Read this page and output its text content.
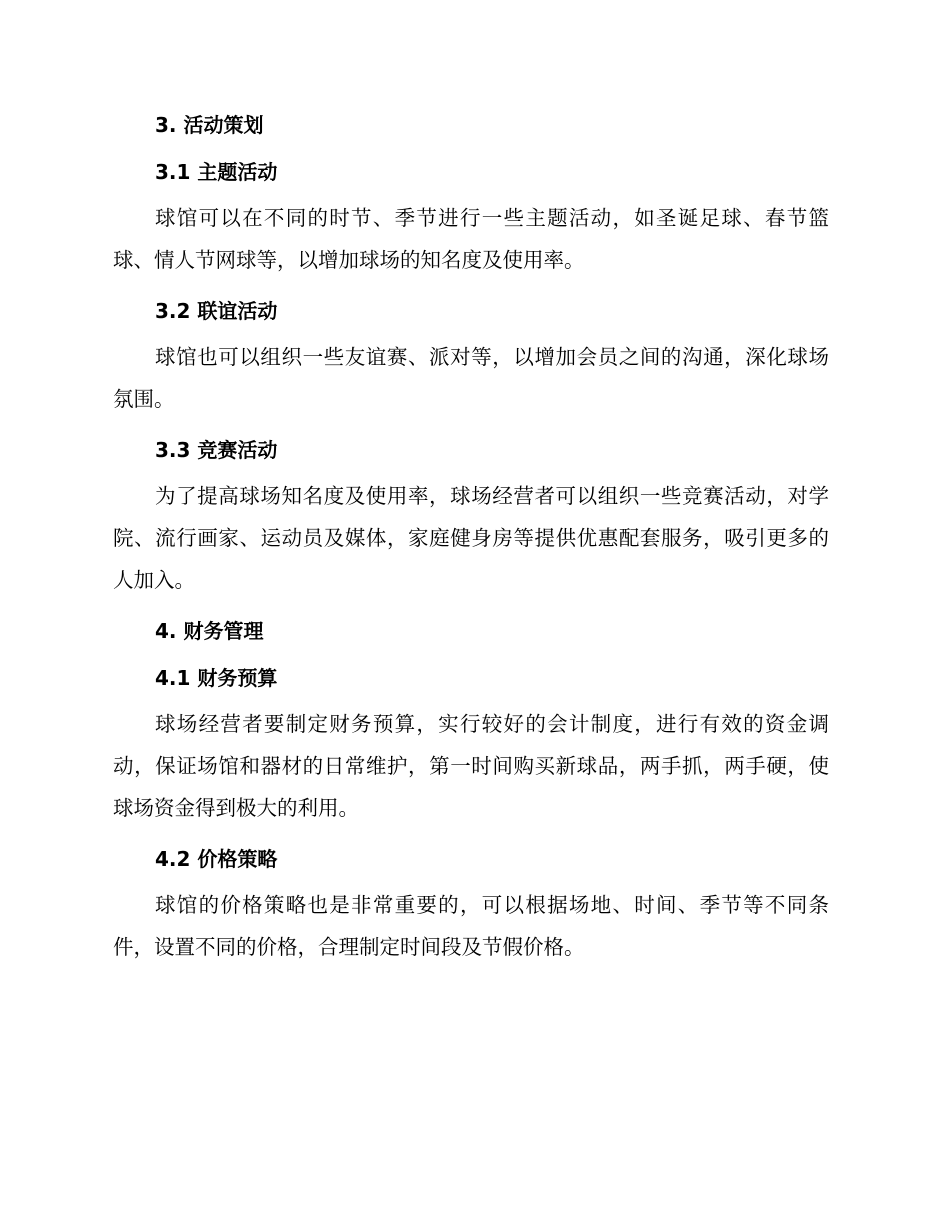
3. 活动策划

3.1 主题活动

球馆可以在不同的时节、季节进行一些主题活动，如圣诞足球、春节篮球、情人节网球等，以增加球场的知名度及使用率。

3.2 联谊活动

球馆也可以组织一些友谊赛、派对等，以增加会员之间的沟通，深化球场氛围。

3.3 竞赛活动

为了提高球场知名度及使用率，球场经营者可以组织一些竞赛活动，对学院、流行画家、运动员及媒体，家庭健身房等提供优惠配套服务，吸引更多的人加入。

4. 财务管理

4.1 财务预算

球场经营者要制定财务预算，实行较好的会计制度，进行有效的资金调动，保证场馆和器材的日常维护，第一时间购买新球品，两手抓，两手硬，使球场资金得到极大的利用。

4.2 价格策略

球馆的价格策略也是非常重要的，可以根据场地、时间、季节等不同条件，设置不同的价格，合理制定时间段及节假价格。
